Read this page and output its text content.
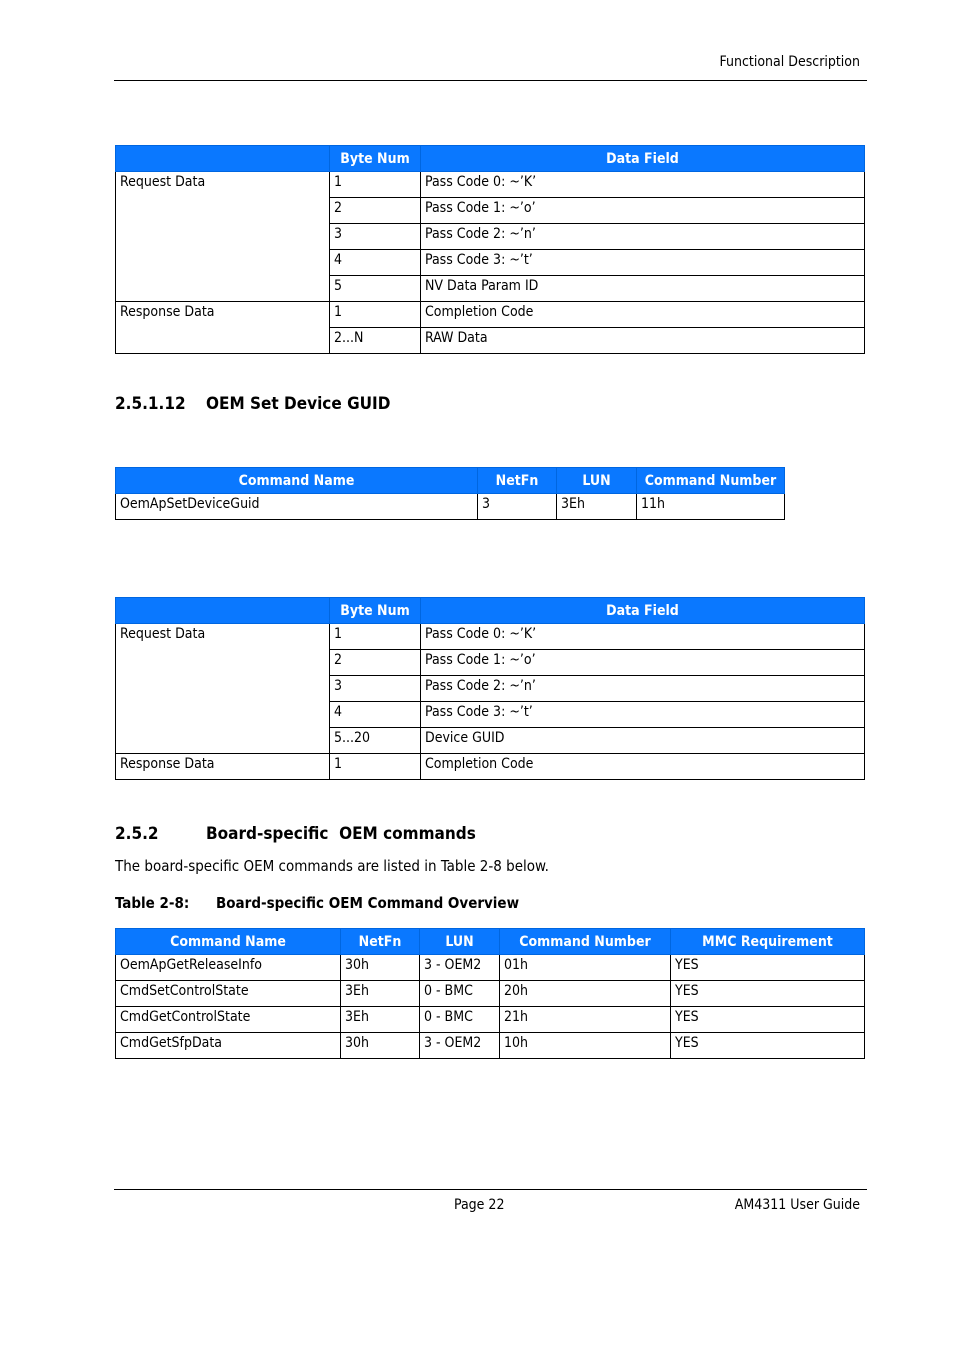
Functional Description
	Byte Num	Data Field
Request Data	1	Pass Code 0: ~’K’
	2	Pass Code 1: ~’o’
	3	Pass Code 2: ~’n’
	4	Pass Code 3: ~’t’
	5	NV Data Param ID
Response Data	1	Completion Code
	2...N	RAW Data
2.5.1.12 OEM Set Device GUID
Command Name	NetFn	LUN	Command Number
OemApSetDeviceGuid	3	3Eh	11h
	Byte Num	Data Field
Request Data	1	Pass Code 0: ~’K’
	2	Pass Code 1: ~’o’
	3	Pass Code 2: ~’n’
	4	Pass Code 3: ~’t’
	5...20	Device GUID
Response Data	1	Completion Code
2.5.2	Board-specific  OEM commands
The board-specific OEM commands are listed in Table 2-8 below.
Table 2-8: Board-specific OEM Command Overview
Command Name	NetFn	LUN	Command Number	MMC Requirement
OemApGetReleaseInfo	30h	3 - OEM2	01h	YES
CmdSetControlState	3Eh	0 - BMC	20h	YES
CmdGetControlState	3Eh	0 - BMC	21h	YES
CmdGetSfpData	30h	3 - OEM2	10h	YES
Page 22	AM4311 User Guide
